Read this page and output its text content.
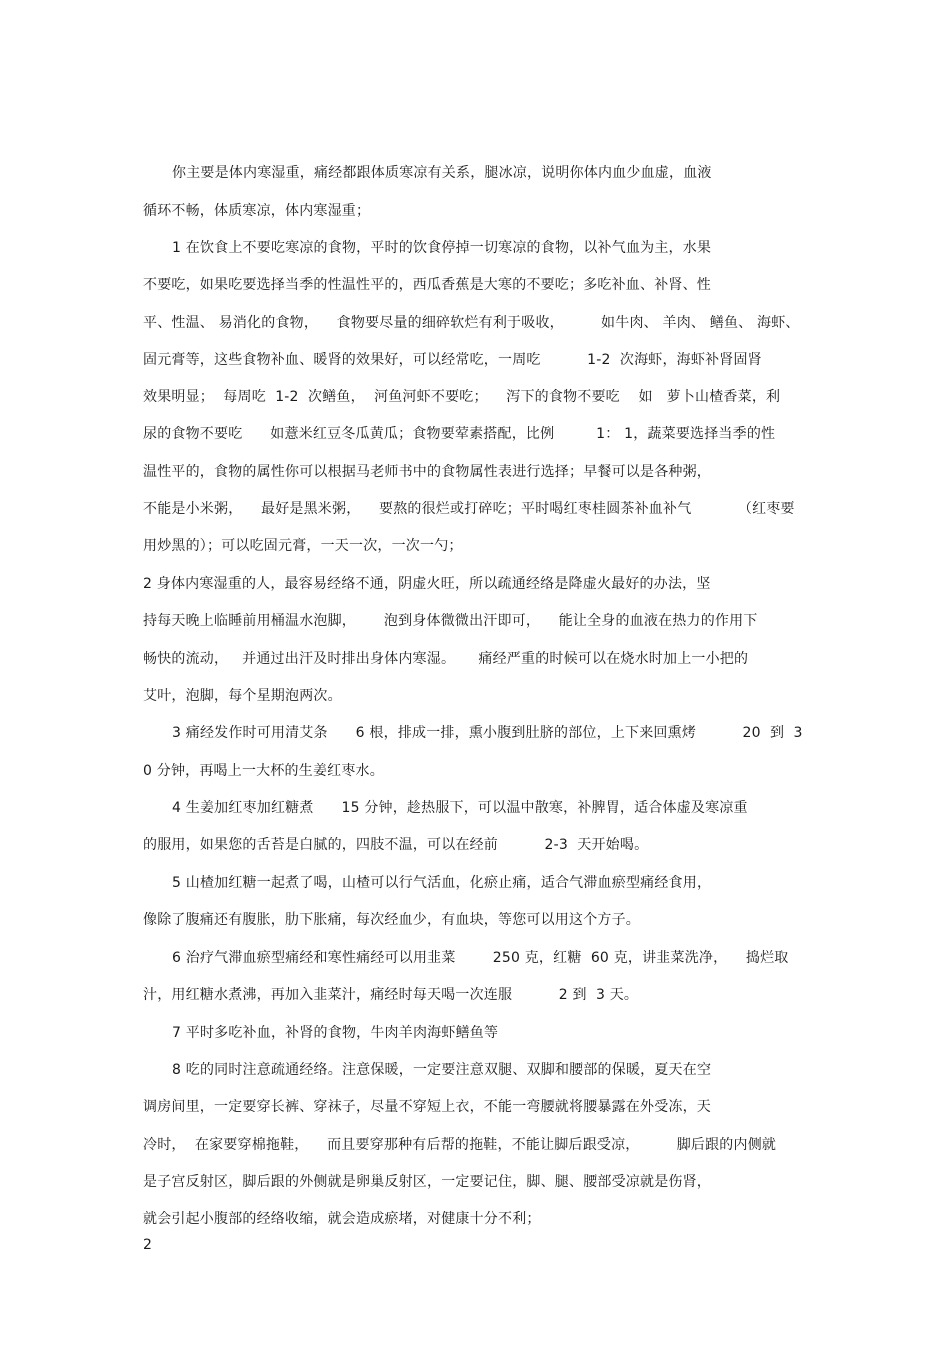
你主要是体内寒湿重，痛经都跟体质寒凉有关系，腿冰凉，说明你体内血少血虚，血液
循环不畅，体质寒凉，体内寒湿重；
1 在饮食上不要吃寒凉的食物，平时的饮食停掉一切寒凉的食物，以补气血为主，水果
不要吃，如果吃要选择当季的性温性平的，西瓜香蕉是大寒的不要吃；多吃补血、补肾、性
平、性温、 易消化的食物，    食物要尽量的细碎软烂有利于吸收，        如牛肉、 羊肉、 鳝鱼、 海虾、
固元膏等，这些食物补血、暖肾的效果好，可以经常吃，一周吃          1-2  次海虾，海虾补肾固肾
效果明显；  每周吃  1-2  次鳝鱼，  河鱼河虾不要吃；    泻下的食物不要吃    如   萝卜山楂香菜，利
尿的食物不要吃      如薏米红豆冬瓜黄瓜；食物要荤素搭配，比例         1： 1，蔬菜要选择当季的性
温性平的，食物的属性你可以根据马老师书中的食物属性表进行选择；早餐可以是各种粥，
不能是小米粥，    最好是黑米粥，    要熬的很烂或打碎吃；平时喝红枣桂圆茶补血补气          （红枣要
用炒黑的）；可以吃固元膏，一天一次，一次一勺；
2 身体内寒湿重的人，最容易经络不通，阴虚火旺，所以疏通经络是降虚火最好的办法，坚
持每天晚上临睡前用桶温水泡脚，      泡到身体微微出汗即可，    能让全身的血液在热力的作用下
畅快的流动，   并通过出汗及时排出身体内寒湿。     痛经严重的时候可以在烧水时加上一小把的
艾叶，泡脚，每个星期泡两次。
3 痛经发作时可用清艾条      6 根，排成一排，熏小腹到肚脐的部位，上下来回熏烤          20  到  3
0 分钟，再喝上一大杯的生姜红枣水。
4 生姜加红枣加红糖煮      15 分钟，趁热服下，可以温中散寒，补脾胃，适合体虚及寒凉重
的服用，如果您的舌苔是白腻的，四肢不温，可以在经前          2-3  天开始喝。
5 山楂加红糖一起煮了喝，山楂可以行气活血，化瘀止痛，适合气滞血瘀型痛经食用，
像除了腹痛还有腹胀，肋下胀痛，每次经血少，有血块，等您可以用这个方子。
6 治疗气滞血瘀型痛经和寒性痛经可以用韭菜        250 克，红糖  60 克，讲韭菜洗净，    捣烂取
汁，用红糖水煮沸，再加入韭菜汁，痛经时每天喝一次连服          2 到  3 天。
7 平时多吃补血，补肾的食物，牛肉羊肉海虾鳝鱼等
8 吃的同时注意疏通经络。注意保暖，一定要注意双腿、双脚和腰部的保暖，夏天在空
调房间里，一定要穿长裤、穿袜子，尽量不穿短上衣，不能一弯腰就将腰暴露在外受冻，天
冷时，  在家要穿棉拖鞋，    而且要穿那种有后帮的拖鞋，不能让脚后跟受凉，        脚后跟的内侧就
是子宫反射区，脚后跟的外侧就是卵巢反射区，一定要记住，脚、腿、腰部受凉就是伤肾，
就会引起小腹部的经络收缩，就会造成瘀堵，对健康十分不利；
2
